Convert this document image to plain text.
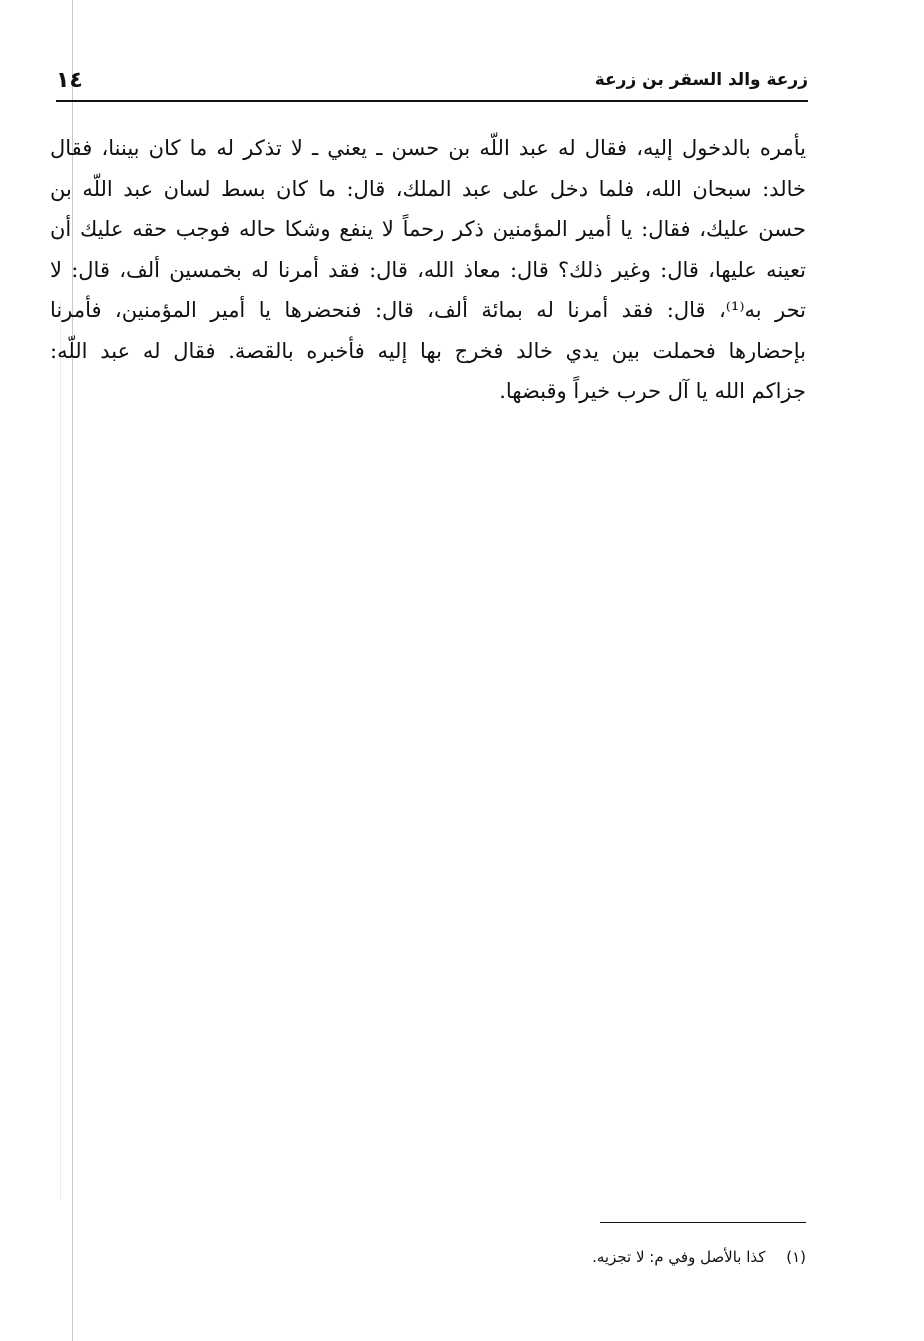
١٤	زرعة والد السقر بن زرعة
يأمره بالدخول إليه، فقال له عبد اللّه بن حسن ـ يعني ـ لا تذكر له ما كان بيننا، فقال
خالد: سبحان الله، فلما دخل على عبد الملك، قال: ما كان بسط لسان عبد اللّه بن
حسن عليك، فقال: يا أمير المؤمنين ذكر رحماً لا ينفع وشكا حاله فوجب حقه عليك أن
تعينه عليها، قال: وغير ذلك؟ قال: معاذ الله، قال: فقد أمرنا له بخمسين ألف، قال: لا
تحر به⁽¹⁾، قال: فقد أمرنا له بمائة ألف، قال: فنحضرها يا أمير المؤمنين، فأمرنا
بإحضارها فحملت بين يدي خالد فخرج بها إليه فأخبره بالقصة. فقال له عبد اللّه:
جزاكم الله يا آل حرب خيراً وقبضها.
(١) كذا بالأصل وفي م: لا تجزيه.
